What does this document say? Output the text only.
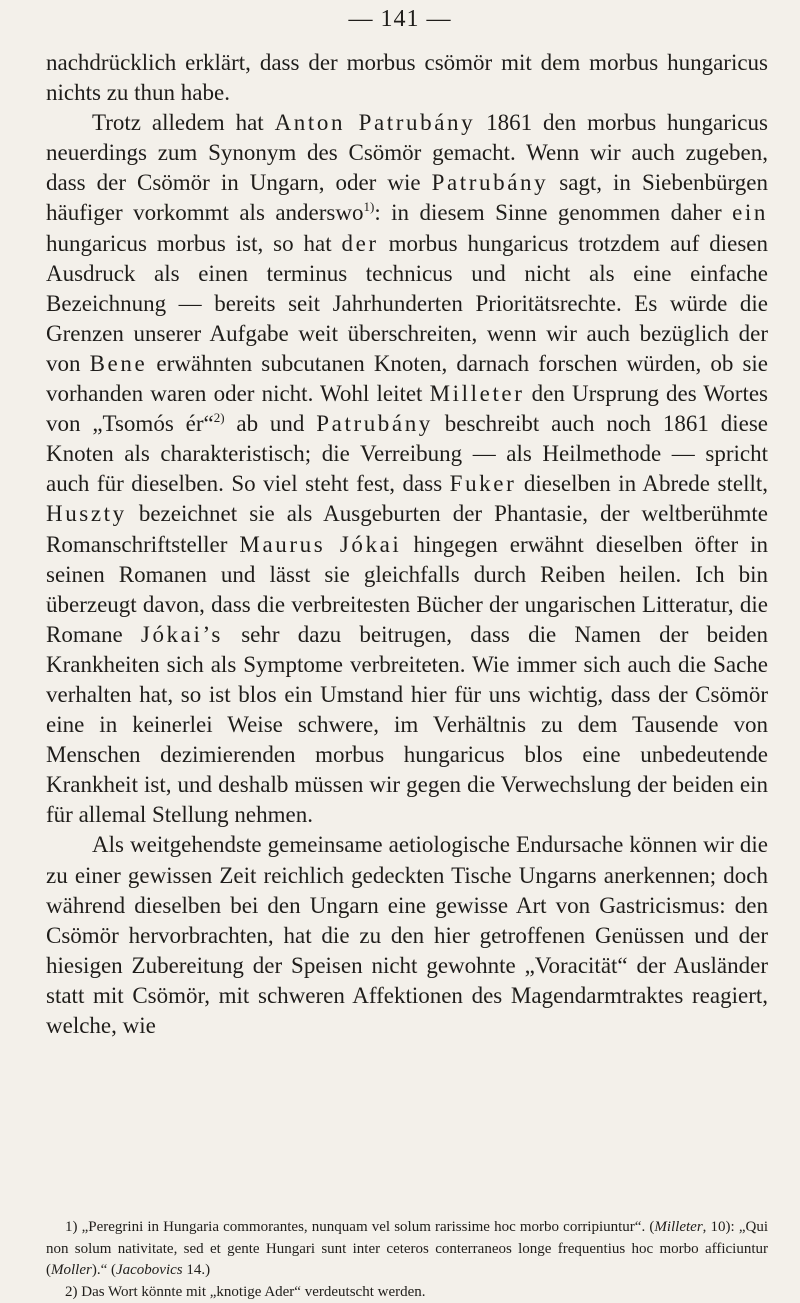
— 141 —

nachdrücklich erklärt, dass der morbus csömör mit dem morbus hungaricus nichts zu thun habe.

Trotz alledem hat Anton Patrubány 1861 den morbus hungaricus neuerdings zum Synonym des Csömör gemacht. Wenn wir auch zugeben, dass der Csömör in Ungarn, oder wie Patrubány sagt, in Siebenbürgen häufiger vorkommt als anderswo$^{1)}$: in diesem Sinne genommen daher ein hungaricus morbus ist, so hat der morbus hungaricus trotzdem auf diesen Ausdruck als einen terminus technicus und nicht als eine einfache Bezeichnung — bereits seit Jahrhunderten Prioritätsrechte. Es würde die Grenzen unserer Aufgabe weit überschreiten, wenn wir auch bezüglich der von Bene erwähnten subcutanen Knoten, darnach forschen würden, ob sie vorhanden waren oder nicht. Wohl leitet Milleter den Ursprung des Wortes von „Tsomós ér“$^{2)}$ ab und Patrubány beschreibt auch noch 1861 diese Knoten als charakteristisch; die Verreibung — als Heilmethode — spricht auch für dieselben. So viel steht fest, dass Fuker dieselben in Abrede stellt, Huszty bezeichnet sie als Ausgeburten der Phantasie, der weltberühmte Romanschriftsteller Maurus Jókai hingegen erwähnt dieselben öfter in seinen Romanen und lässt sie gleichfalls durch Reiben heilen. Ich bin überzeugt davon, dass die verbreitesten Bücher der ungarischen Litteratur, die Romane Jókai’s sehr dazu beitrugen, dass die Namen der beiden Krankheiten sich als Symptome verbreiteten. Wie immer sich auch die Sache verhalten hat, so ist blos ein Umstand hier für uns wichtig, dass der Csömör eine in keinerlei Weise schwere, im Verhältnis zu dem Tausende von Menschen dezimierenden morbus hungaricus blos eine unbedeutende Krankheit ist, und deshalb müssen wir gegen die Verwechslung der beiden ein für allemal Stellung nehmen.

Als weitgehendste gemeinsame aetiologische Endursache können wir die zu einer gewissen Zeit reichlich gedeckten Tische Ungarns anerkennen; doch während dieselben bei den Ungarn eine gewisse Art von Gastricismus: den Csömör hervorbrachten, hat die zu den hier getroffenen Genüssen und der hiesigen Zubereitung der Speisen nicht gewohnte „Voracität“ der Ausländer statt mit Csömör, mit schweren Affektionen des Magendarmtraktes reagiert, welche, wie

1) „Peregrini in Hungaria commorantes, nunquam vel solum rarissime hoc morbo corripiuntur“. (Milleter, 10): „Qui non solum nativitate, sed et gente Hungari sunt inter ceteros conterraneos longe frequentius hoc morbo afficiuntur (Moller).“ (Jacobovics 14.)

2) Das Wort könnte mit „knotige Ader“ verdeutscht werden.
